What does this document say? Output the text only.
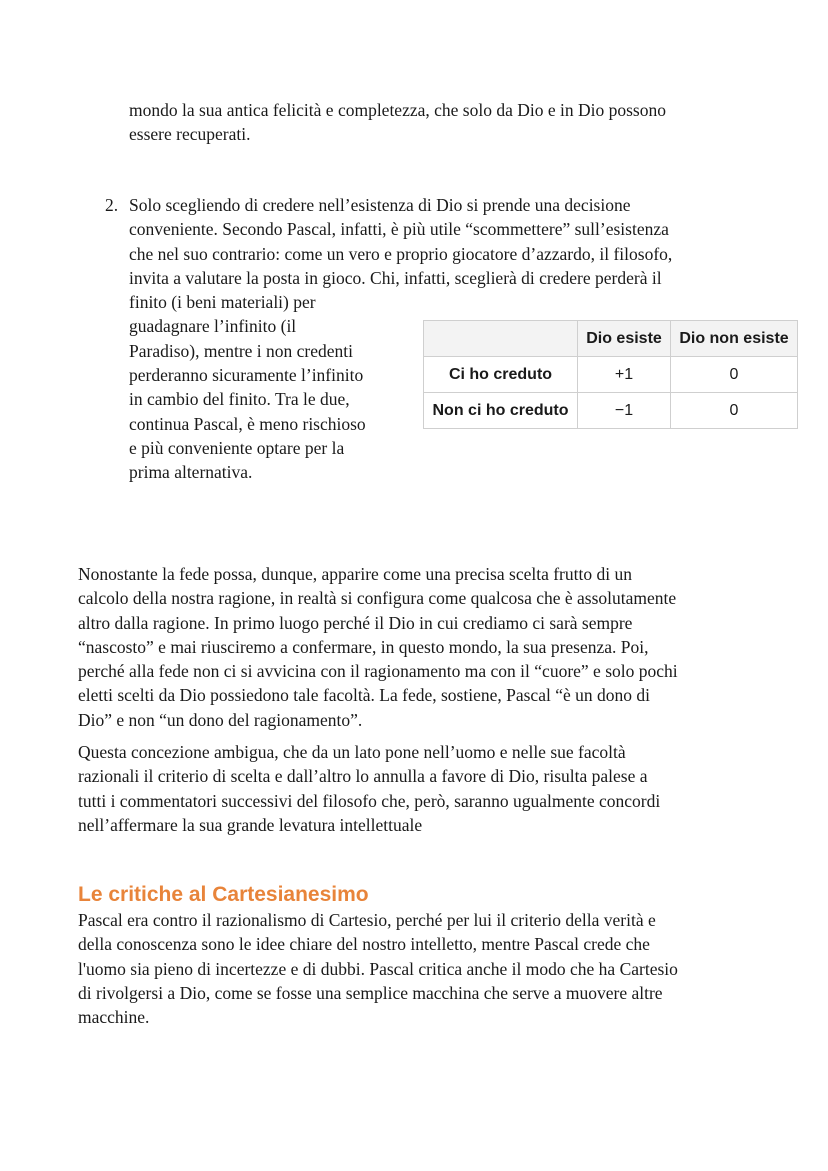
mondo la sua antica felicità e completezza, che solo da Dio e in Dio possono
essere recuperati.
2. Solo scegliendo di credere nell’esistenza di Dio si prende una decisione
conveniente. Secondo Pascal, infatti, è più utile “scommettere” sull’esistenza
che nel suo contrario: come un vero e proprio giocatore d’azzardo, il filosofo,
invita a valutare la posta in gioco. Chi, infatti, sceglierà di credere perderà il
finito (i beni materiali) per
guadagnare l’infinito (il
Paradiso), mentre i non credenti
perderanno sicuramente l’infinito
in cambio del finito. Tra le due,
continua Pascal, è meno rischioso
e più conveniente optare per la
prima alternativa.
	Dio esiste	Dio non esiste
Ci ho creduto	+1	0
Non ci ho creduto	−1	0
Nonostante la fede possa, dunque, apparire come una precisa scelta frutto di un
calcolo della nostra ragione, in realtà si configura come qualcosa che è assolutamente
altro dalla ragione. In primo luogo perché il Dio in cui crediamo ci sarà sempre
“nascosto” e mai riusciremo a confermare, in questo mondo, la sua presenza. Poi,
perché alla fede non ci si avvicina con il ragionamento ma con il “cuore” e solo pochi
eletti scelti da Dio possiedono tale facoltà. La fede, sostiene, Pascal “è un dono di
Dio” e non “un dono del ragionamento”.
Questa concezione ambigua, che da un lato pone nell’uomo e nelle sue facoltà
razionali il criterio di scelta e dall’altro lo annulla a favore di Dio, risulta palese a
tutti i commentatori successivi del filosofo che, però, saranno ugualmente concordi
nell’affermare la sua grande levatura intellettuale
Le critiche al Cartesianesimo
Pascal era contro il razionalismo di Cartesio, perché per lui il criterio della verità e
della conoscenza sono le idee chiare del nostro intelletto, mentre Pascal crede che
l'uomo sia pieno di incertezze e di dubbi. Pascal critica anche il modo che ha Cartesio
di rivolgersi a Dio, come se fosse una semplice macchina che serve a muovere altre
macchine.
